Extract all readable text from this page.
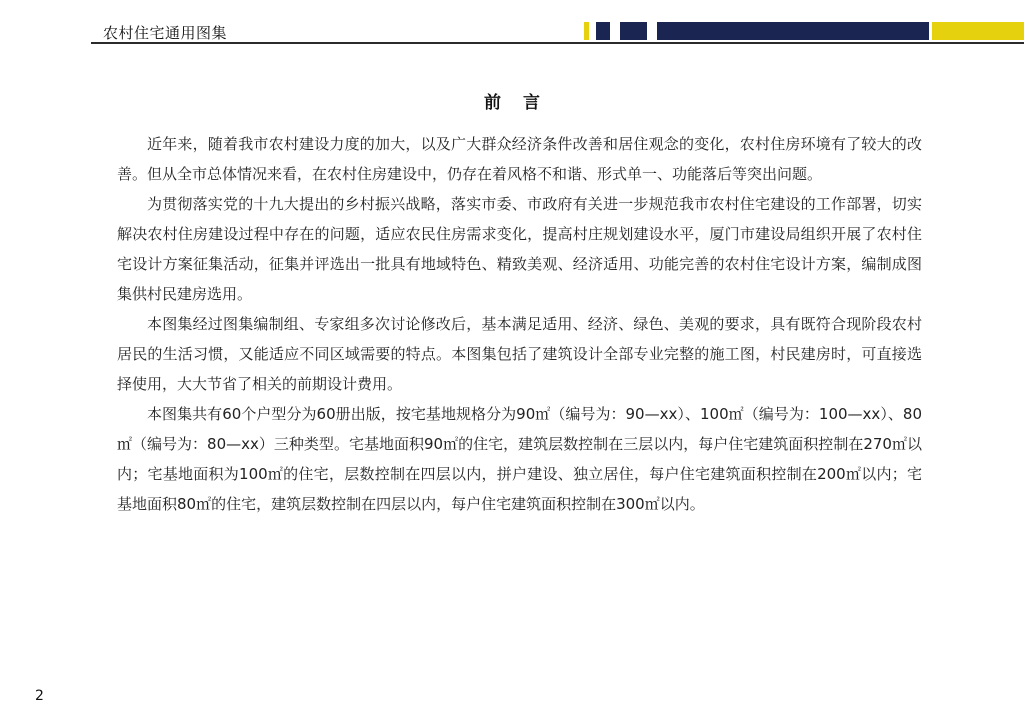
农村住宅通用图集
前言

近年来，随着我市农村建设力度的加大，以及广大群众经济条件改善和居住观念的变化，农村住房环境有了较大的改善。但从全市总体情况来看，在农村住房建设中，仍存在着风格不和谐、形式单一、功能落后等突出问题。

为贯彻落实党的十九大提出的乡村振兴战略，落实市委、市政府有关进一步规范我市农村住宅建设的工作部署，切实解决农村住房建设过程中存在的问题，适应农民住房需求变化，提高村庄规划建设水平，厦门市建设局组织开展了农村住宅设计方案征集活动，征集并评选出一批具有地域特色、精致美观、经济适用、功能完善的农村住宅设计方案，编制成图集供村民建房选用。

本图集经过图集编制组、专家组多次讨论修改后，基本满足适用、经济、绿色、美观的要求，具有既符合现阶段农村居民的生活习惯，又能适应不同区域需要的特点。本图集包括了建筑设计全部专业完整的施工图，村民建房时，可直接选择使用，大大节省了相关的前期设计费用。

本图集共有60个户型分为60册出版，按宅基地规格分为90㎡（编号为：90—xx）、100㎡（编号为：100—xx）、80㎡（编号为：80—xx）三种类型。宅基地面积90㎡的住宅，建筑层数控制在三层以内，每户住宅建筑面积控制在270㎡以内；宅基地面积为100㎡的住宅，层数控制在四层以内，拼户建设、独立居住，每户住宅建筑面积控制在200㎡以内；宅基地面积80㎡的住宅，建筑层数控制在四层以内，每户住宅建筑面积控制在300㎡以内。

2
